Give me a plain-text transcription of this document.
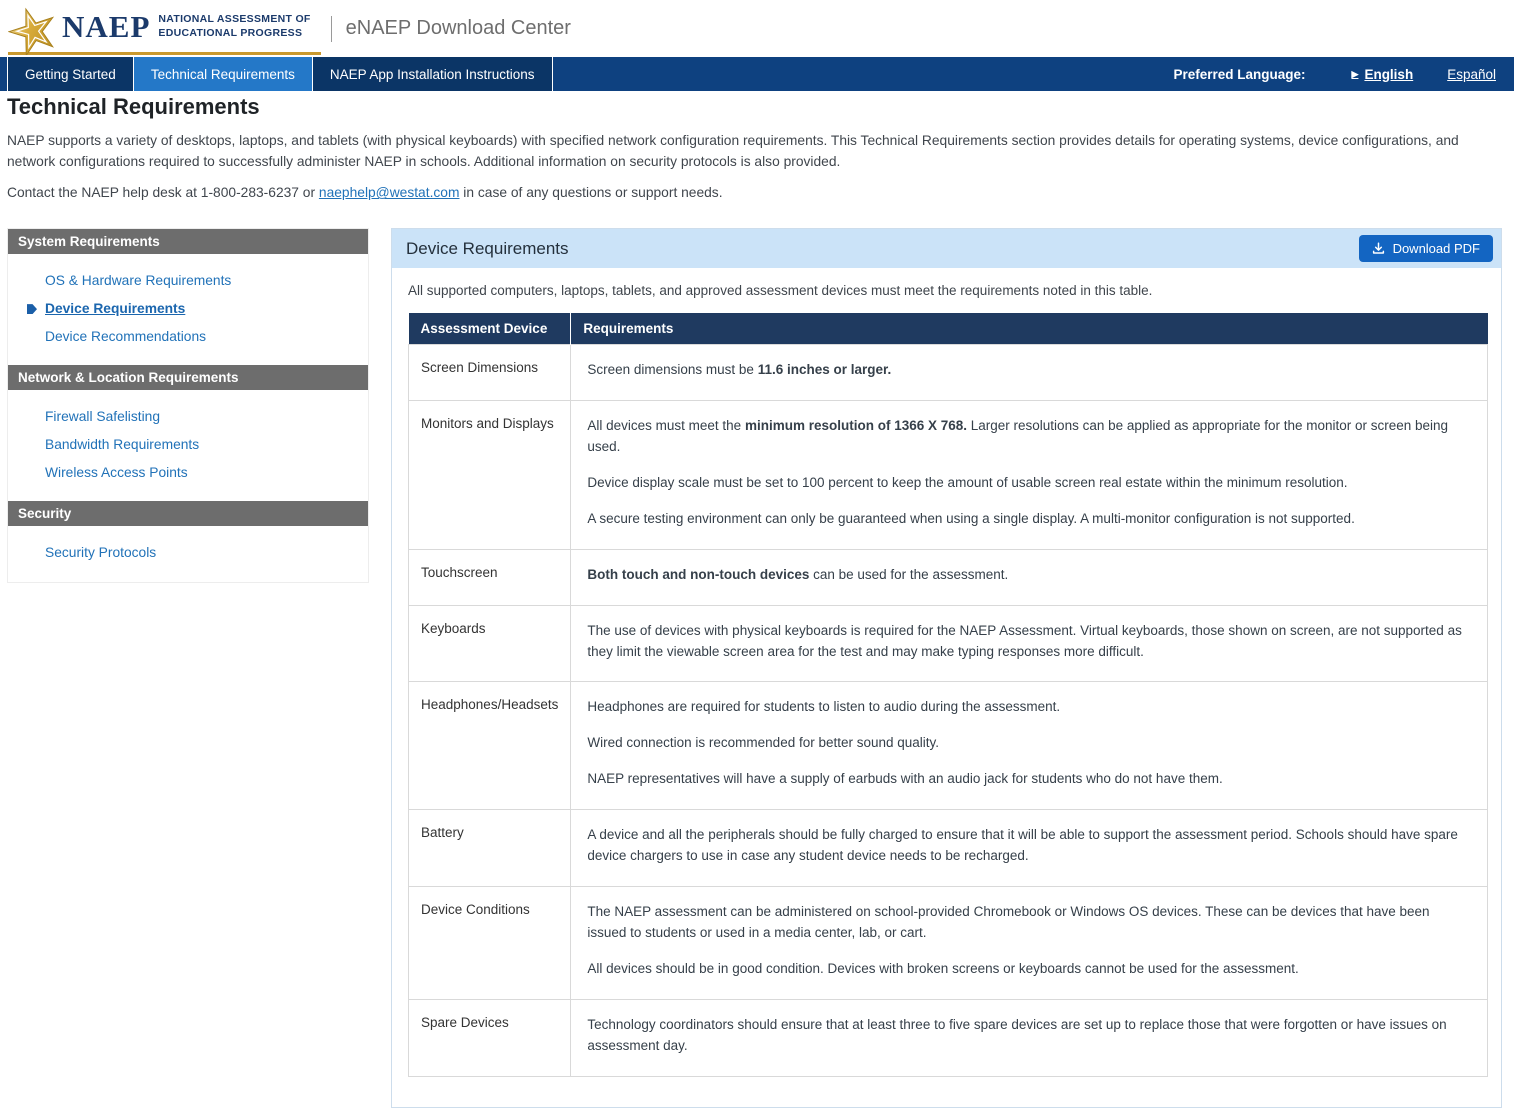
NAEP NATIONAL ASSESSMENT OF
EDUCATIONAL PROGRESS	eNAEP Download Center
Getting Started	Technical Requirements	NAEP App Installation Instructions	Preferred Language:	▶ English	Español
Technical Requirements

NAEP supports a variety of desktops, laptops, and tablets (with physical keyboards) with specified network configuration requirements. This Technical Requirements section provides details for operating systems, device configurations, and network configurations required to successfully administer NAEP in schools. Additional information on security protocols is also provided.

Contact the NAEP help desk at 1-800-283-6237 or naephelp@westat.com in case of any questions or support needs.

System Requirements
OS & Hardware Requirements
Device Requirements
Device Recommendations
Network & Location Requirements
Firewall Safelisting
Bandwidth Requirements
Wireless Access Points
Security
Security Protocols
Device Requirements	Download PDF
All supported computers, laptops, tablets, and approved assessment devices must meet the requirements noted in this table.
Assessment Device	Requirements
Screen Dimensions	Screen dimensions must be 11.6 inches or larger.

Monitors and Displays	All devices must meet the minimum resolution of 1366 X 768. Larger resolutions can be applied as appropriate for the monitor or screen being used.

Device display scale must be set to 100 percent to keep the amount of usable screen real estate within the minimum resolution.

A secure testing environment can only be guaranteed when using a single display. A multi-monitor configuration is not supported.

Touchscreen	Both touch and non-touch devices can be used for the assessment.

Keyboards	The use of devices with physical keyboards is required for the NAEP Assessment. Virtual keyboards, those shown on screen, are not supported as they limit the viewable screen area for the test and may make typing responses more difficult.

Headphones/Headsets	Headphones are required for students to listen to audio during the assessment.

Wired connection is recommended for better sound quality.

NAEP representatives will have a supply of earbuds with an audio jack for students who do not have them.

Battery	A device and all the peripherals should be fully charged to ensure that it will be able to support the assessment period. Schools should have spare device chargers to use in case any student device needs to be recharged.

Device Conditions	The NAEP assessment can be administered on school-provided Chromebook or Windows OS devices. These can be devices that have been issued to students or used in a media center, lab, or cart.

All devices should be in good condition. Devices with broken screens or keyboards cannot be used for the assessment.

Spare Devices	Technology coordinators should ensure that at least three to five spare devices are set up to replace those that were forgotten or have issues on assessment day.
